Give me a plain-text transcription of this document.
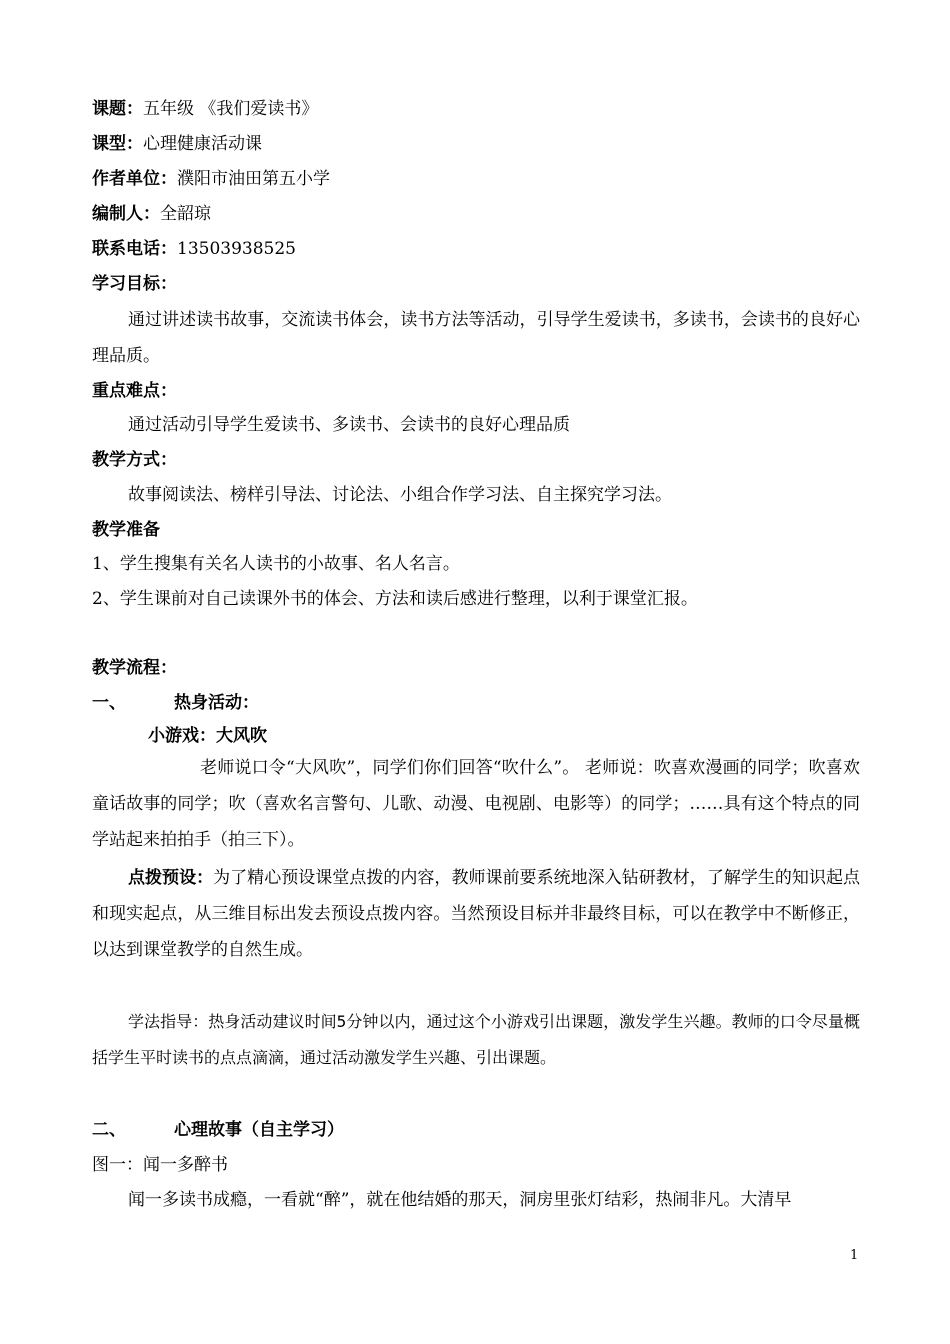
课题：五年级 《我们爱读书》
课型：心理健康活动课
作者单位：濮阳市油田第五小学
编制人：全韶琼
联系电话：13503938525
学习目标：
通过讲述读书故事，交流读书体会，读书方法等活动，引导学生爱读书，多读书，会读书的良好心理品质。
重点难点：
通过活动引导学生爱读书、多读书、会读书的良好心理品质
教学方式：
故事阅读法、榜样引导法、讨论法、小组合作学习法、自主探究学习法。
教学准备
1、学生搜集有关名人读书的小故事、名人名言。
2、学生课前对自己读课外书的体会、方法和读后感进行整理，以利于课堂汇报。
教学流程：
一、	热身活动：
小游戏：大风吹
老师说口令“大风吹”，同学们你们回答“吹什么”。 老师说：吹喜欢漫画的同学；吹喜欢童话故事的同学；吹（喜欢名言警句、儿歌、动漫、电视剧、电影等）的同学；……具有这个特点的同学站起来拍拍手（拍三下）。
点拨预设：为了精心预设课堂点拨的内容，教师课前要系统地深入钻研教材，了解学生的知识起点和现实起点，从三维目标出发去预设点拨内容。当然预设目标并非最终目标，可以在教学中不断修正，以达到课堂教学的自然生成。
学法指导：热身活动建议时间5分钟以内，通过这个小游戏引出课题，激发学生兴趣。教师的口令尽量概括学生平时读书的点点滴滴，通过活动激发学生兴趣、引出课题。
二、	心理故事（自主学习）
图一：闻一多醉书
闻一多读书成瘾，一看就“醉”，就在他结婚的那天，洞房里张灯结彩，热闹非凡。大清早
1
